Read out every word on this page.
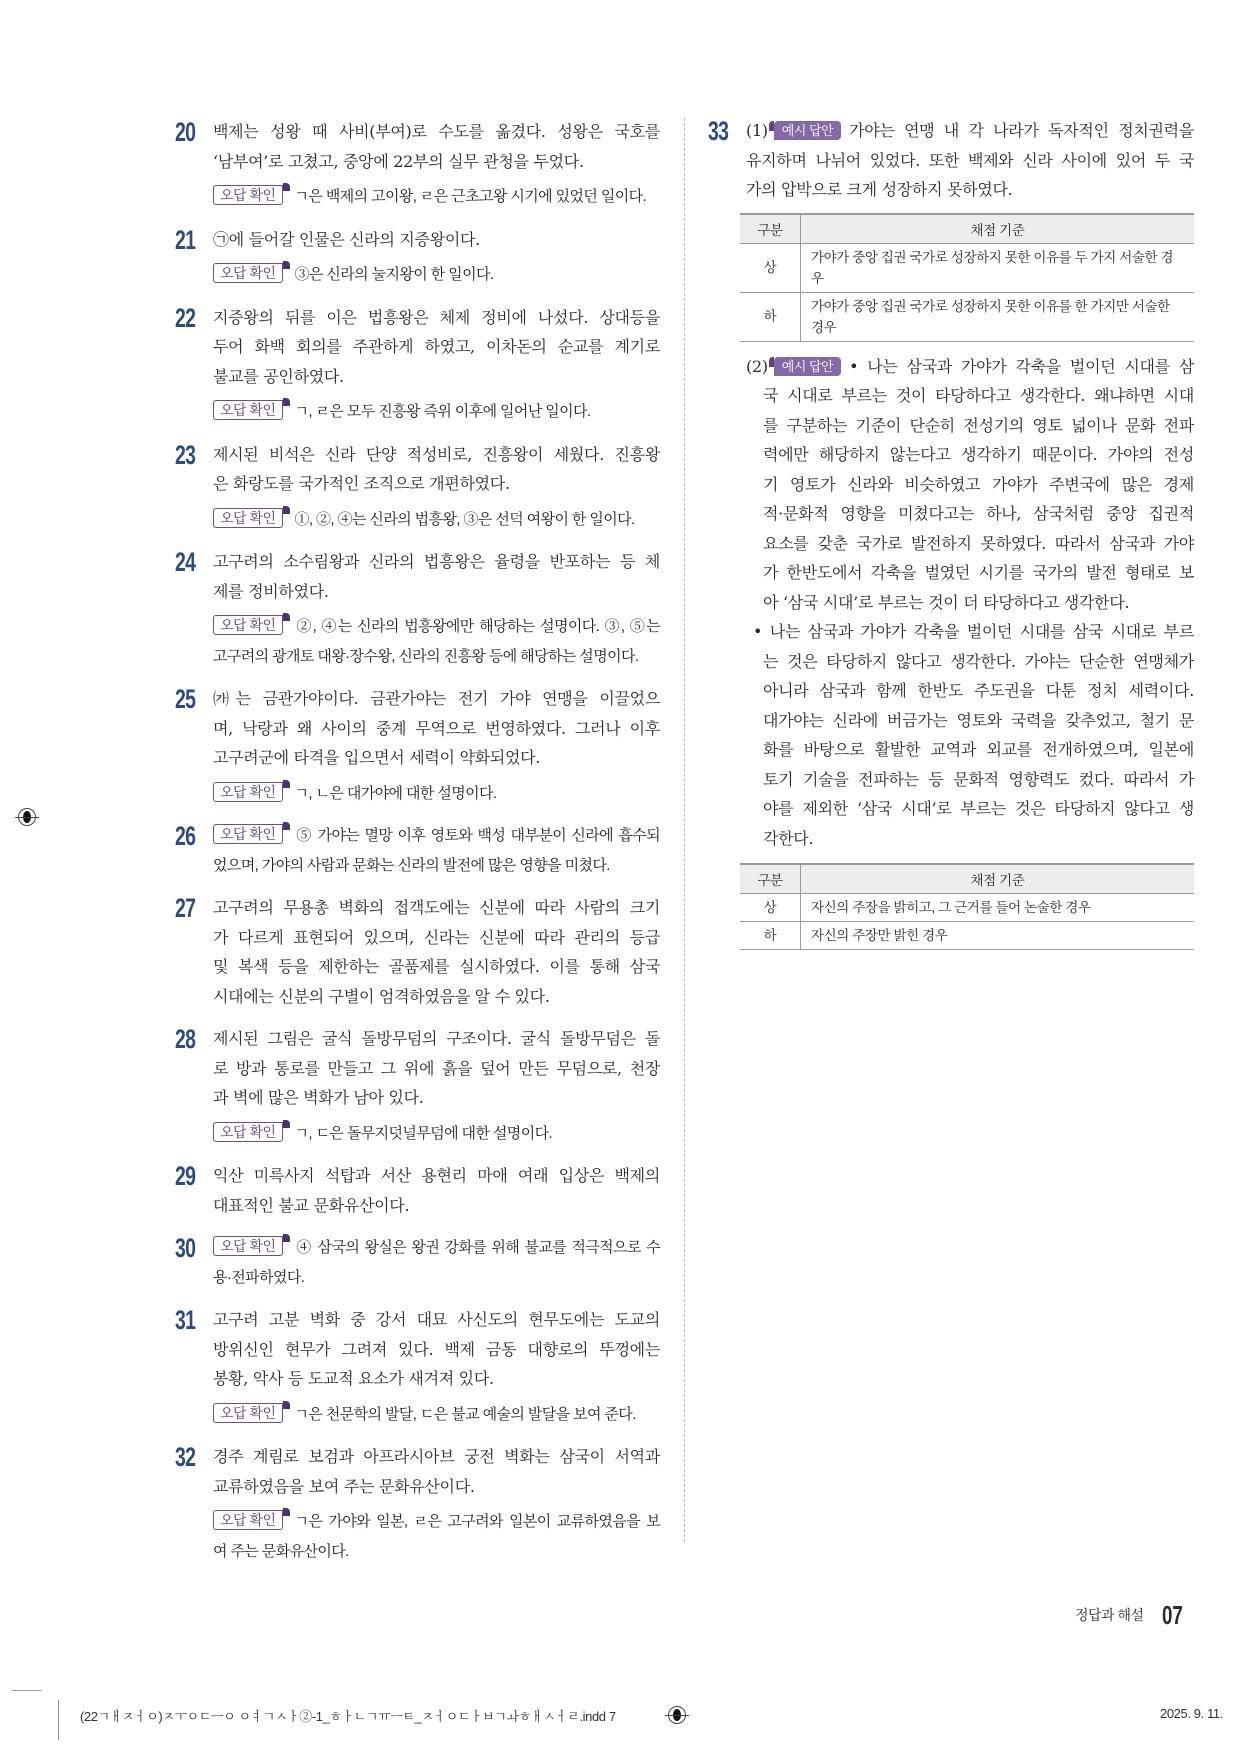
20 백제는 성왕 때 사비(부여)로 수도를 옮겼다. 성왕은 국호를
‘남부여’로 고쳤고, 중앙에 22부의 실무 관청을 두었다.
오답 확인 ㄱ은 백제의 고이왕, ㄹ은 근초고왕 시기에 있었던 일이다.
21 ㉠에 들어갈 인물은 신라의 지증왕이다.
오답 확인 ③은 신라의 눌지왕이 한 일이다.
22 지증왕의 뒤를 이은 법흥왕은 체제 정비에 나섰다. 상대등을
두어 화백 회의를 주관하게 하였고, 이차돈의 순교를 계기로
불교를 공인하였다.
오답 확인 ㄱ, ㄹ은 모두 진흥왕 즉위 이후에 일어난 일이다.
23 제시된 비석은 신라 단양 적성비로, 진흥왕이 세웠다. 진흥왕
은 화랑도를 국가적인 조직으로 개편하였다.
오답 확인 ①, ②, ④는 신라의 법흥왕, ③은 선덕 여왕이 한 일이다.
24 고구려의 소수림왕과 신라의 법흥왕은 율령을 반포하는 등 체
제를 정비하였다.
오답 확인 ②, ④는 신라의 법흥왕에만 해당하는 설명이다. ③, ⑤는
고구려의 광개토 대왕·장수왕, 신라의 진흥왕 등에 해당하는 설명이다.
25 ㈎는 금관가야이다. 금관가야는 전기 가야 연맹을 이끌었으
며, 낙랑과 왜 사이의 중계 무역으로 번영하였다. 그러나 이후
고구려군에 타격을 입으면서 세력이 약화되었다.
오답 확인 ㄱ, ㄴ은 대가야에 대한 설명이다.
26	오답 확인 ⑤ 가야는 멸망 이후 영토와 백성 대부분이 신라에 흡수되
었으며, 가야의 사람과 문화는 신라의 발전에 많은 영향을 미쳤다.
27 고구려의 무용총 벽화의 접객도에는 신분에 따라 사람의 크기
가 다르게 표현되어 있으며, 신라는 신분에 따라 관리의 등급
및 복색 등을 제한하는 골품제를 실시하였다. 이를 통해 삼국
시대에는 신분의 구별이 엄격하였음을 알 수 있다.
28 제시된 그림은 굴식 돌방무덤의 구조이다. 굴식 돌방무덤은 돌
로 방과 통로를 만들고 그 위에 흙을 덮어 만든 무덤으로, 천장
과 벽에 많은 벽화가 남아 있다.
오답 확인 ㄱ, ㄷ은 돌무지덧널무덤에 대한 설명이다.
29 익산 미륵사지 석탑과 서산 용현리 마애 여래 입상은 백제의
대표적인 불교 문화유산이다.
30	오답 확인 ④ 삼국의 왕실은 왕권 강화를 위해 불교를 적극적으로 수
용·전파하였다.
31 고구려 고분 벽화 중 강서 대묘 사신도의 현무도에는 도교의
방위신인 현무가 그려져 있다. 백제 금동 대향로의 뚜껑에는
봉황, 악사 등 도교적 요소가 새겨져 있다.
오답 확인 ㄱ은 천문학의 발달, ㄷ은 불교 예술의 발달을 보여 준다.
32 경주 계림로 보검과 아프라시아브 궁전 벽화는 삼국이 서역과
교류하였음을 보여 주는 문화유산이다.
오답 확인 ㄱ은 가야와 일본, ㄹ은 고구려와 일본이 교류하였음을 보
여 주는 문화유산이다.
33 (1) 예시 답안 가야는 연맹 내 각 나라가 독자적인 정치권력을
유지하며 나뉘어 있었다. 또한 백제와 신라 사이에 있어 두 국
가의 압박으로 크게 성장하지 못하였다.
구분	채점 기준
상	가야가 중앙 집권 국가로 성장하지 못한 이유를 두 가지 서술한 경우
하	가야가 중앙 집권 국가로 성장하지 못한 이유를 한 가지만 서술한 경우
(2) 예시 답안 • 나는 삼국과 가야가 각축을 벌이던 시대를 삼
국 시대로 부르는 것이 타당하다고 생각한다. 왜냐하면 시대
를 구분하는 기준이 단순히 전성기의 영토 넓이나 문화 전파
력에만 해당하지 않는다고 생각하기 때문이다. 가야의 전성
기 영토가 신라와 비슷하였고 가야가 주변국에 많은 경제
적·문화적 영향을 미쳤다고는 하나, 삼국처럼 중앙 집권적
요소를 갖춘 국가로 발전하지 못하였다. 따라서 삼국과 가야
가 한반도에서 각축을 벌였던 시기를 국가의 발전 형태로 보
아 ‘삼국 시대’로 부르는 것이 더 타당하다고 생각한다.
• 나는 삼국과 가야가 각축을 벌이던 시대를 삼국 시대로 부르
는 것은 타당하지 않다고 생각한다. 가야는 단순한 연맹체가
아니라 삼국과 함께 한반도 주도권을 다툰 정치 세력이다.
대가야는 신라에 버금가는 영토와 국력을 갖추었고, 철기 문
화를 바탕으로 활발한 교역과 외교를 전개하였으며, 일본에
토기 기술을 전파하는 등 문화적 영향력도 컸다. 따라서 가
야를 제외한 ‘삼국 시대’로 부르는 것은 타당하지 않다고 생
각한다.
구분	채점 기준
상	자신의 주장을 밝히고, 그 근거를 들어 논술한 경우
하	자신의 주장만 밝힌 경우
정답과 해설 07
(22ㄱㅐㅈㅓㅇ)ㅈㅜㅇㄷㅡㅇ ㅇㅕㄱㅅㅏ②-1_ㅎㅏㄴㄱㅠㅡㅌ_ㅈㅓㅇㄷㅏㅂㄱㅘㅎㅐㅅㅓㄹ.indd 7	2025. 9. 11.
